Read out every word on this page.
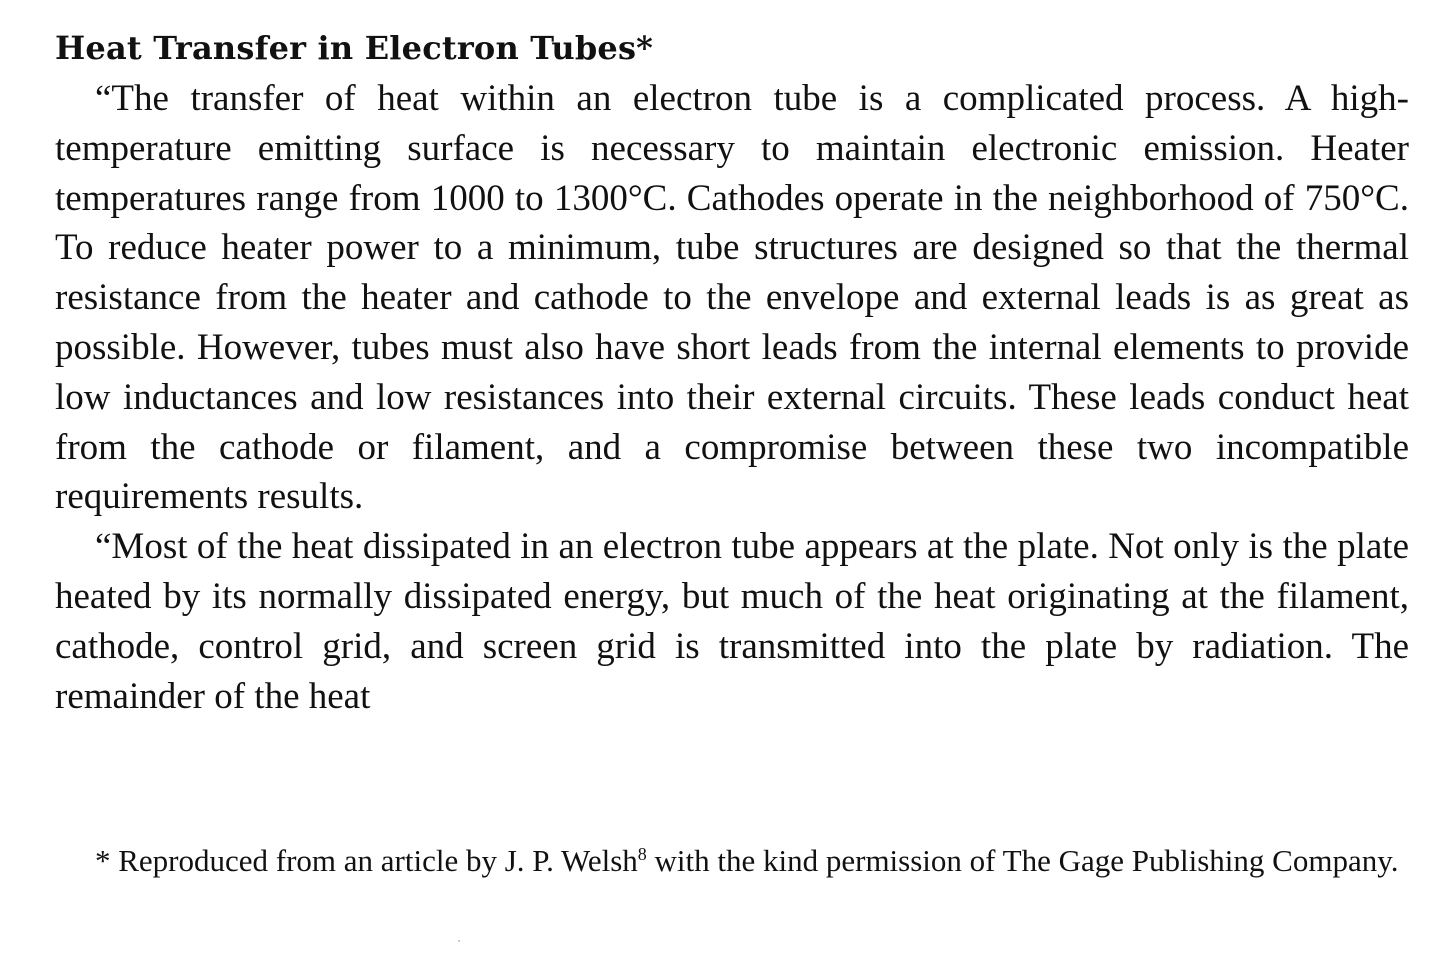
Heat Transfer in Electron Tubes*

“The transfer of heat within an electron tube is a complicated process. A high-temperature emitting surface is necessary to maintain electronic emission. Heater temperatures range from 1000 to 1300°C. Cathodes operate in the neighborhood of 750°C. To reduce heater power to a minimum, tube structures are designed so that the thermal resistance from the heater and cathode to the envelope and external leads is as great as possible. However, tubes must also have short leads from the internal elements to provide low inductances and low resistances into their external circuits. These leads conduct heat from the cathode or filament, and a compromise between these two incompatible requirements results.

“Most of the heat dissipated in an electron tube appears at the plate. Not only is the plate heated by its normally dissipated energy, but much of the heat originating at the filament, cathode, control grid, and screen grid is transmitted into the plate by radiation. The remainder of the heat

* Reproduced from an article by J. P. Welsh$^8$ with the kind permission of The Gage Publishing Company.
